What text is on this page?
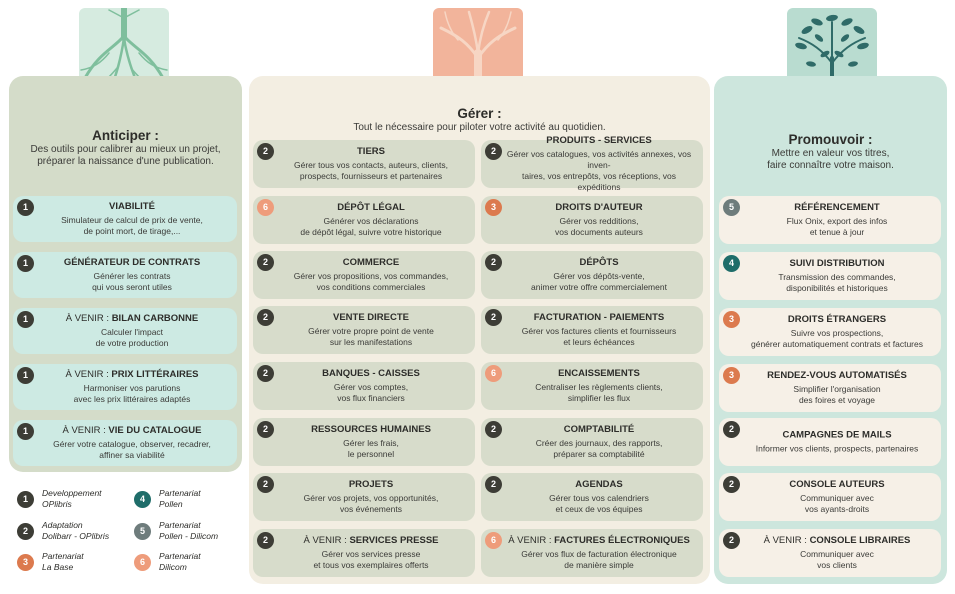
Anticiper :
Des outils pour calibrer au mieux un projet,
préparer la naissance d'une publication.
Gérer :
Tout le nécessaire pour piloter votre activité au quotidien.
Promouvoir :
Mettre en valeur vos titres,
faire connaître votre maison.
1	VIABILITÉ
Simulateur de calcul de prix de vente,
de point mort, de tirage,...
1	GÉNÉRATEUR DE CONTRATS
Générer les contrats
qui vous seront utiles
1	À VENIR : BILAN CARBONNE
Calculer l'impact
de votre production
1	À VENIR : PRIX LITTÉRAIRES
Harmoniser vos parutions
avec les prix littéraires adaptés
1	À VENIR : VIE DU CATALOGUE
Gérer votre catalogue, observer, recadrer,
affiner sa viabilité
2	TIERS
Gérer tous vos contacts, auteurs, clients,
prospects, fournisseurs et partenaires
2
PRODUITS - SERVICES
Gérer vos catalogues, vos activités annexes, vos inven-
taires, vos entrepôts, vos réceptions, vos expéditions
6	DÉPÔT LÉGAL
Générer vos déclarations
de dépôt légal, suivre votre historique
3	DROITS D'AUTEUR
Gérer vos redditions,
vos documents auteurs
2	COMMERCE
Gérer vos propositions, vos commandes,
vos conditions commerciales
2	DÉPÔTS
Gérer vos dépôts-vente,
animer votre offre commercialement
2	VENTE DIRECTE
Gérer votre propre point de vente
sur les manifestations
2	FACTURATION - PAIEMENTS
Gérer vos factures clients et fournisseurs
et leurs échéances
2	BANQUES - CAISSES
Gérer vos comptes,
vos flux financiers
6	ENCAISSEMENTS
Centraliser les règlements clients,
simplifier les flux
2	RESSOURCES HUMAINES
Gérer les frais,
le personnel
2	COMPTABILITÉ
Créer des journaux, des rapports,
préparer sa comptabilité
2	PROJETS
Gérer vos projets, vos opportunités,
vos événements
2	AGENDAS
Gérer tous vos calendriers
et ceux de vos équipes
2	À VENIR : SERVICES PRESSE
Gérer vos services presse
et tous vos exemplaires offerts
6	À VENIR : FACTURES ÉLECTRONIQUES
Gérer vos flux de facturation électronique
de manière simple
5	RÉFÉRENCEMENT
Flux Onix, export des infos
et tenue à jour
4	SUIVI DISTRIBUTION
Transmission des commandes,
disponibilités et historiques
3	DROITS ÉTRANGERS
Suivre vos prospections,
générer automatiquement contrats et factures
3	RENDEZ-VOUS AUTOMATISÉS
Simplifier l'organisation
des foires et voyage
2
CAMPAGNES DE MAILS
Informer vos clients, prospects, partenaires
2	CONSOLE AUTEURS
Communiquer avec
vos ayants-droits
2	À VENIR : CONSOLE LIBRAIRES
Communiquer avec
vos clients
1
Developpement
OPlibris	4
Partenariat
Pollen
2
Adaptation
Dolibarr - OPlibris	5
Partenariat
Pollen - Dilicom
3
Partenariat
La Base	6
Partenariat
Dilicom
